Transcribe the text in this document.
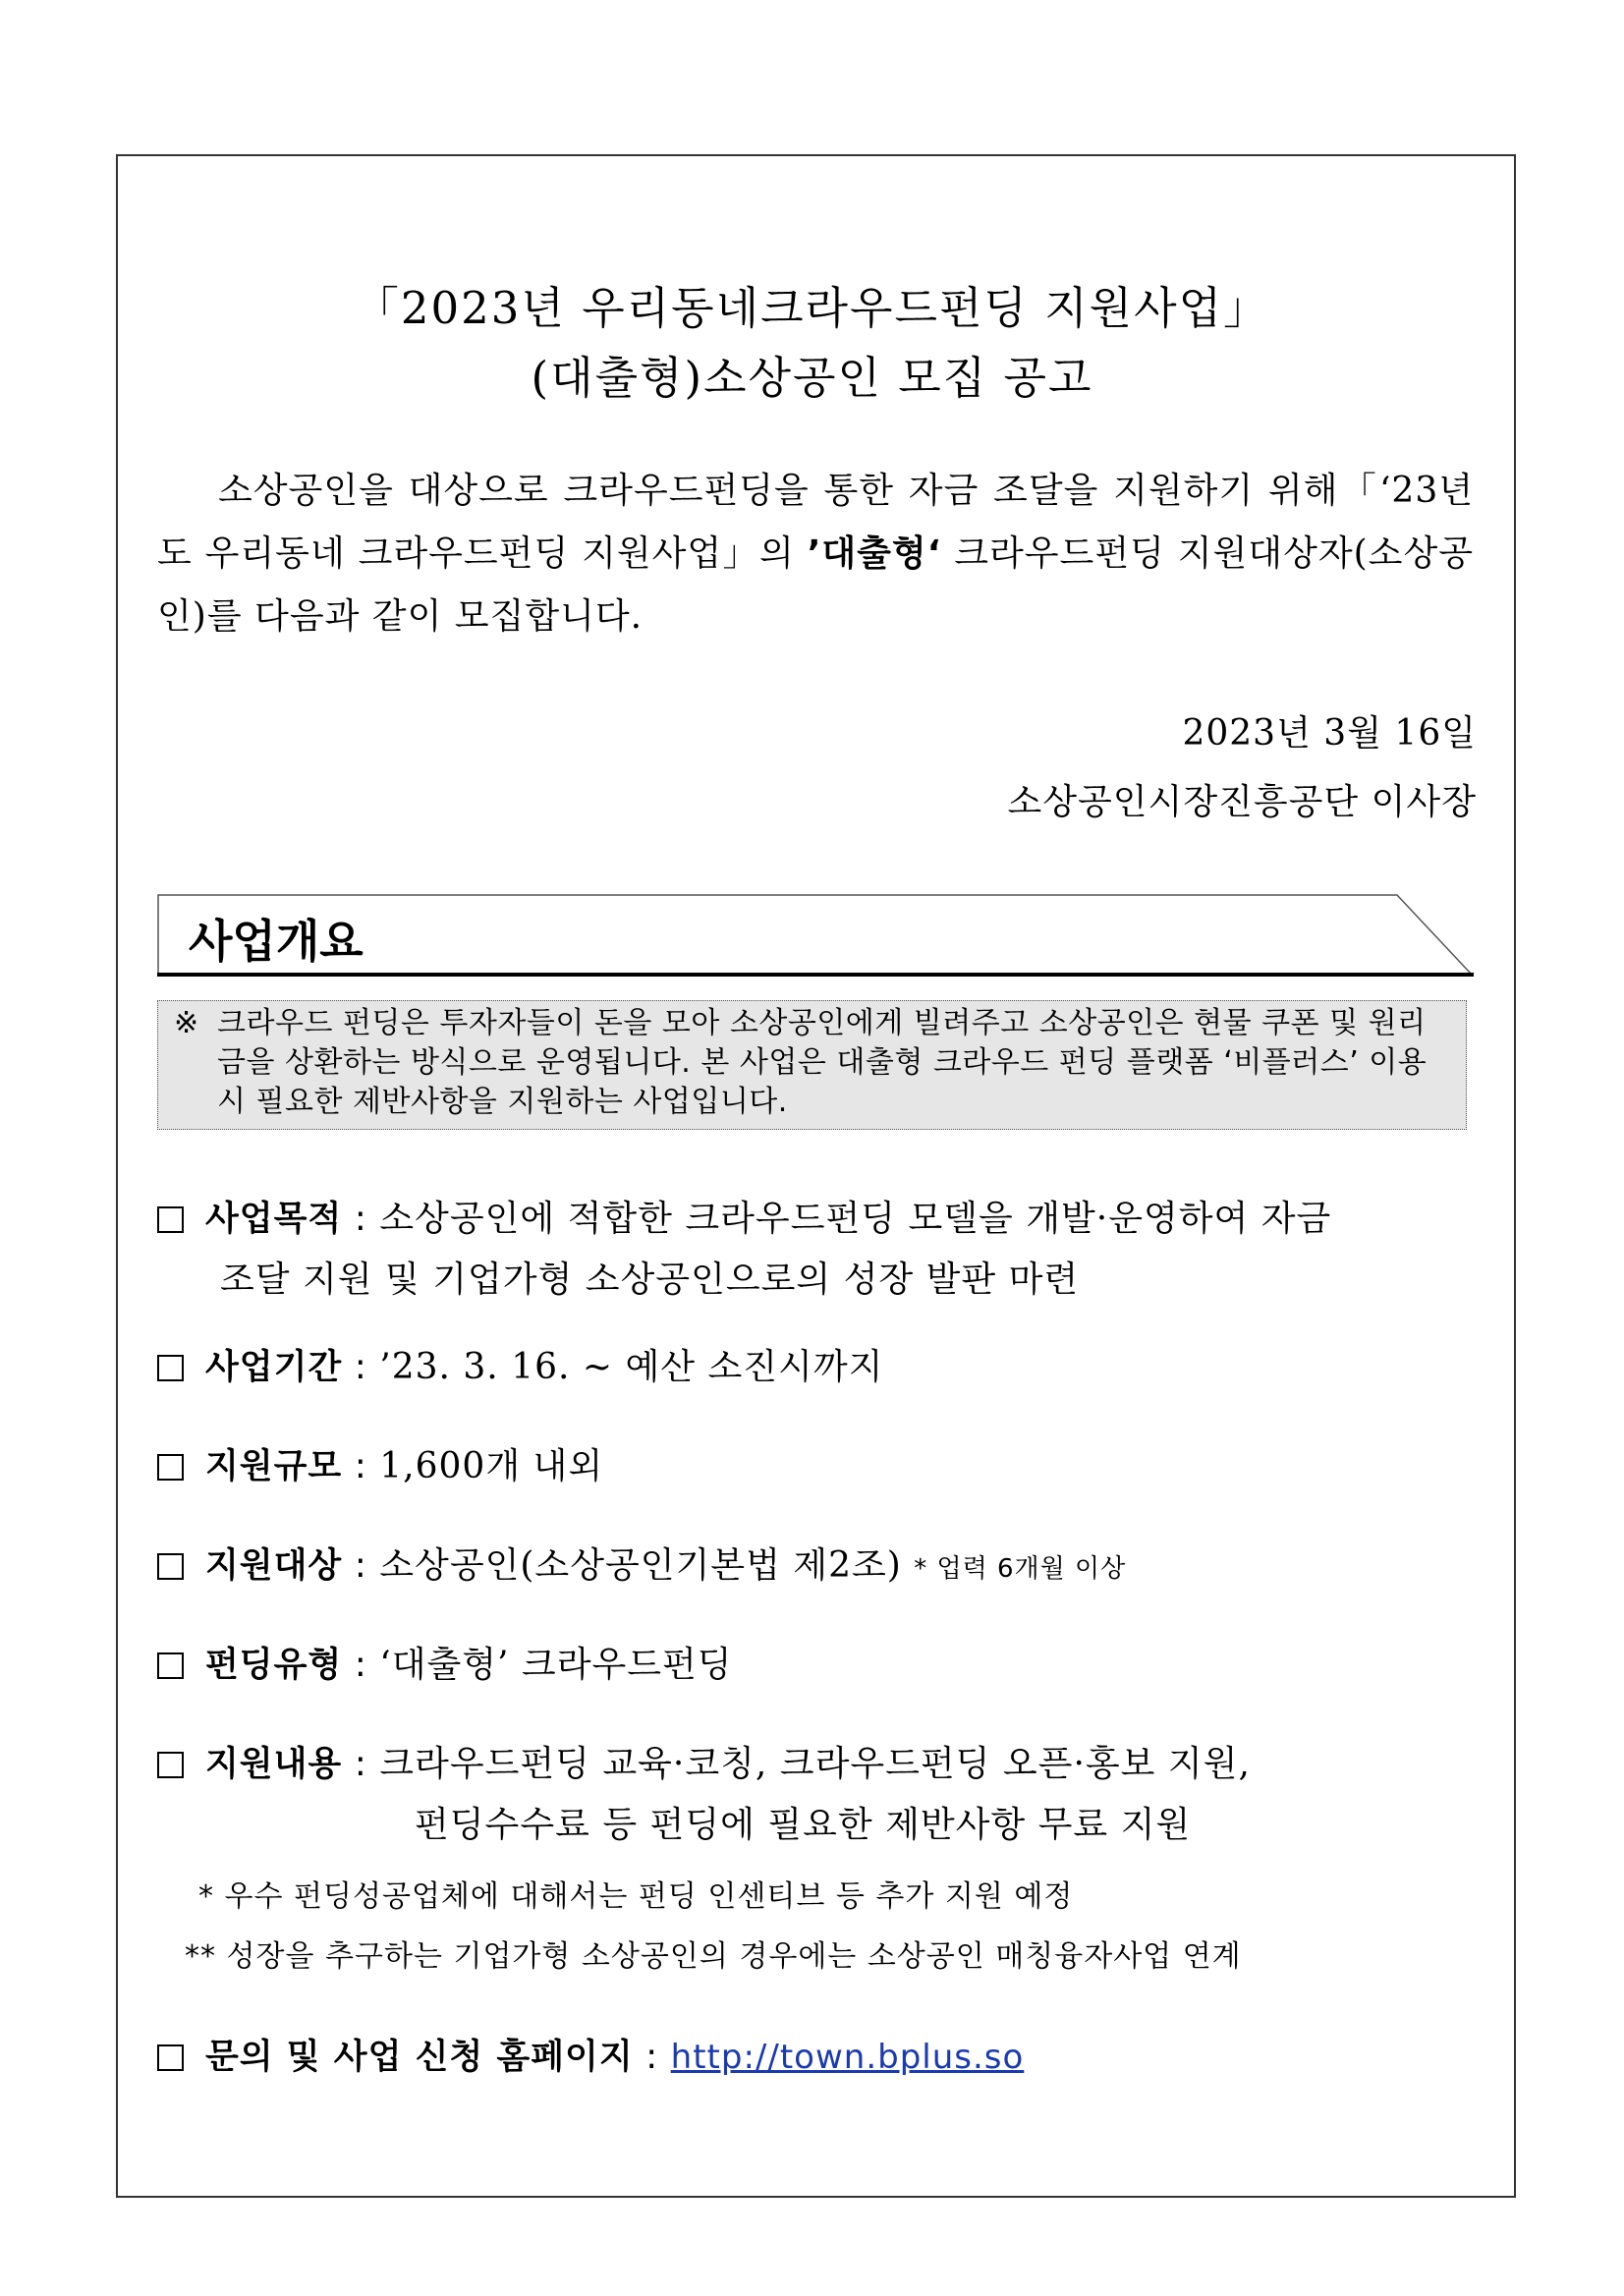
「2023년 우리동네크라우드펀딩 지원사업」
(대출형)소상공인 모집 공고
소상공인을 대상으로 크라우드펀딩을 통한 자금 조달을 지원하기 위해「‘23년도 우리동네 크라우드펀딩 지원사업」의 ’대출형‘ 크라우드펀딩 지원대상자(소상공인)를 다음과 같이 모집합니다.
2023년 3월 16일
소상공인시장진흥공단 이사장
사업개요
※ 크라우드 펀딩은 투자자들이 돈을 모아 소상공인에게 빌려주고 소상공인은 현물 쿠폰 및 원리금을 상환하는 방식으로 운영됩니다. 본 사업은 대출형 크라우드 펀딩 플랫폼 ‘비플러스’ 이용 시 필요한 제반사항을 지원하는 사업입니다.
사업목적 : 소상공인에 적합한 크라우드펀딩 모델을 개발·운영하여 자금
조달 지원 및 기업가형 소상공인으로의 성장 발판 마련
사업기간 : ’23. 3. 16. ~ 예산 소진시까지
지원규모 : 1,600개 내외
지원대상 : 소상공인(소상공인기본법 제2조) * 업력 6개월 이상
펀딩유형 : ‘대출형’ 크라우드펀딩
지원내용 : 크라우드펀딩 교육·코칭, 크라우드펀딩 오픈·홍보 지원,
펀딩수수료 등 펀딩에 필요한 제반사항 무료 지원
* 우수 펀딩성공업체에 대해서는 펀딩 인센티브 등 추가 지원 예정
** 성장을 추구하는 기업가형 소상공인의 경우에는 소상공인 매칭융자사업 연계
문의 및 사업 신청 홈페이지 : http://town.bplus.so
